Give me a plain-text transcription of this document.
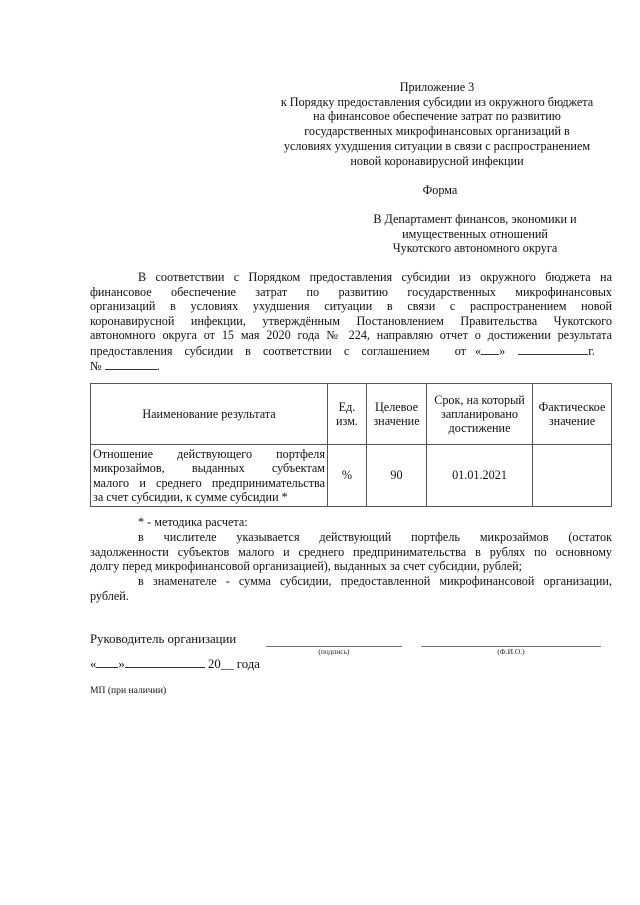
Приложение 3
к Порядку предоставления субсидии из окружного бюджета
на финансовое обеспечение затрат по развитию
государственных микрофинансовых организаций в
условиях ухудшения ситуации в связи с распространением
новой коронавирусной инфекции
Форма
В Департамент финансов, экономики и
имущественных отношений
Чукотского автономного округа
В соответствии с Порядком предоставления субсидии из окружного бюджета на
финансовое обеспечение затрат по развитию государственных микрофинансовых
организаций в условиях ухудшения ситуации в связи с распространением новой
коронавирусной инфекции, утверждённым Постановлением Правительства Чукотского
автономного округа от 15 мая 2020 года № 224, направляю отчет о достижении результата
предоставления субсидии в соответствии с соглашением от « »	г.
№	.
Наименование результата	Ед. изм.	Целевое значение	Срок, на который запланировано достижение	Фактическое значение

Отношение действующего портфеля
микрозаймов, выданных субъектам
малого и среднего предпринимательства
за счет субсидии, к сумме субсидии *	%	90	01.01.2021	
* - методика расчета:
в числителе указывается действующий портфель микрозаймов (остаток
задолженности субъектов малого и среднего предпринимательства в рублях по основному
долгу перед микрофинансовой организацией), выданных за счет субсидии, рублей;
в знаменателе - сумма субсидии, предоставленной микрофинансовой организации,
рублей.
Руководитель организации
(подпись)	(Ф.И.О.)
« »	20__ года
МП (при наличии)
